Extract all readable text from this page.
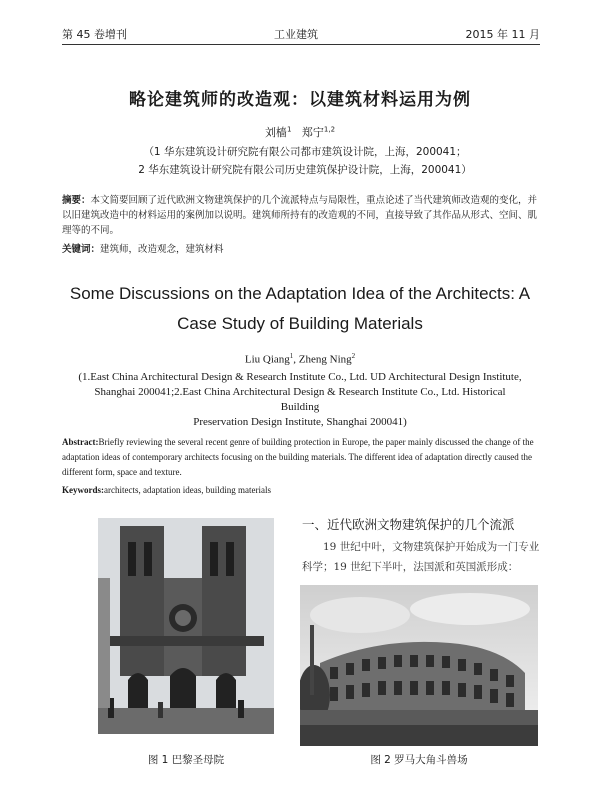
第 45 卷增刊	工业建筑	2015 年 11 月
略论建筑师的改造观：以建筑材料运用为例
刘樯$^1$ 郑宁$^{1,2}$
（1 华东建筑设计研究院有限公司都市建筑设计院，上海，200041；
2 华东建筑设计研究院有限公司历史建筑保护设计院，上海，200041）
摘要：本文简要回顾了近代欧洲文物建筑保护的几个流派特点与局限性，重点论述了当代建筑师改造观的变化，并以旧建筑改造中的材料运用的案例加以说明。建筑师所持有的改造观的不同，直接导致了其作品从形式、空间、肌理等的不同。
关键词：建筑师，改造观念，建筑材料
Some Discussions on the Adaptation Idea of the Architects: A
Case Study of Building Materials
Liu Qiang$^1$, Zheng Ning$^2$
(1.East China Architectural Design & Research Institute Co., Ltd. UD Architectural Design Institute,
Shanghai 200041;2.East China Architectural Design & Research Institute Co., Ltd. Historical Building
Preservation Design Institute, Shanghai 200041)
Abstract:Briefly reviewing the several recent genre of building protection in Europe, the paper mainly discussed the change of the adaptation ideas of contemporary architects focusing on the building materials. The different idea of adaptation directly caused the different form, space and texture.
Keywords:architects, adaptation ideas, building materials
一、近代欧洲文物建筑保护的几个流派
19 世纪中叶，文物建筑保护开始成为一门专业科学；19 世纪下半叶，法国派和英国派形成：
图 1 巴黎圣母院	图 2 罗马大角斗兽场
